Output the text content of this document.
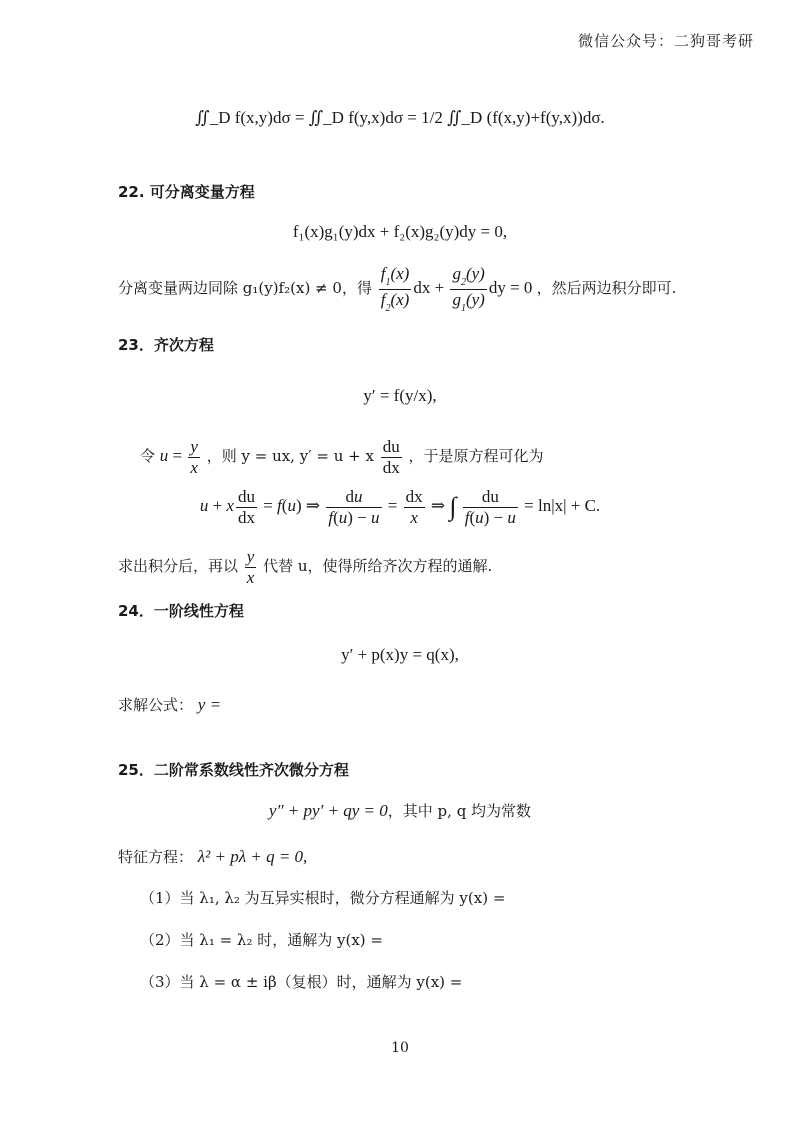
微信公众号：二狗哥考研
∬_D f(x,y)dσ = ∬_D f(y,x)dσ = 1/2 ∬_D (f(x,y)+f(y,x))dσ.
22. 可分离变量方程
f₁(x)g₁(y)dx + f₂(x)g₂(y)dy = 0,
分离变量两边同除 g₁(y)f₂(x) ≠ 0，得 $\frac{f_1(x)}{f_2(x)}$ dx + $\frac{g_2(y)}{g_1(y)}$ dy = 0 ，然后两边积分即可.
23．齐次方程
y′ = f(y/x),
令 $u = \frac{y}{x}$ ，则 y = ux, y′ = u + x $\frac{du}{dx}$ ，于是原方程可化为
u + x $\frac{du}{dx} = f(u)$ ⇒ $\frac{du}{f(u) - u} = \frac{dx}{x}$ ⇒ ∫ $\frac{du}{f(u) - u} = \ln|x| + C$.
求出积分后，再以 $\frac{y}{x}$ 代替 u，使得所给齐次方程的通解.
24．一阶线性方程
y′ + p(x)y = q(x),
求解公式： y =
25．二阶常系数线性齐次微分方程
y″ + py′ + qy = 0，其中 p, q 均为常数
特征方程： λ² + pλ + q = 0,
（1）当 λ₁, λ₂ 为互异实根时，微分方程通解为 y(x) =
（2）当 λ₁ = λ₂ 时，通解为 y(x) =
（3）当 λ = α ± iβ（复根）时，通解为 y(x) =
10
